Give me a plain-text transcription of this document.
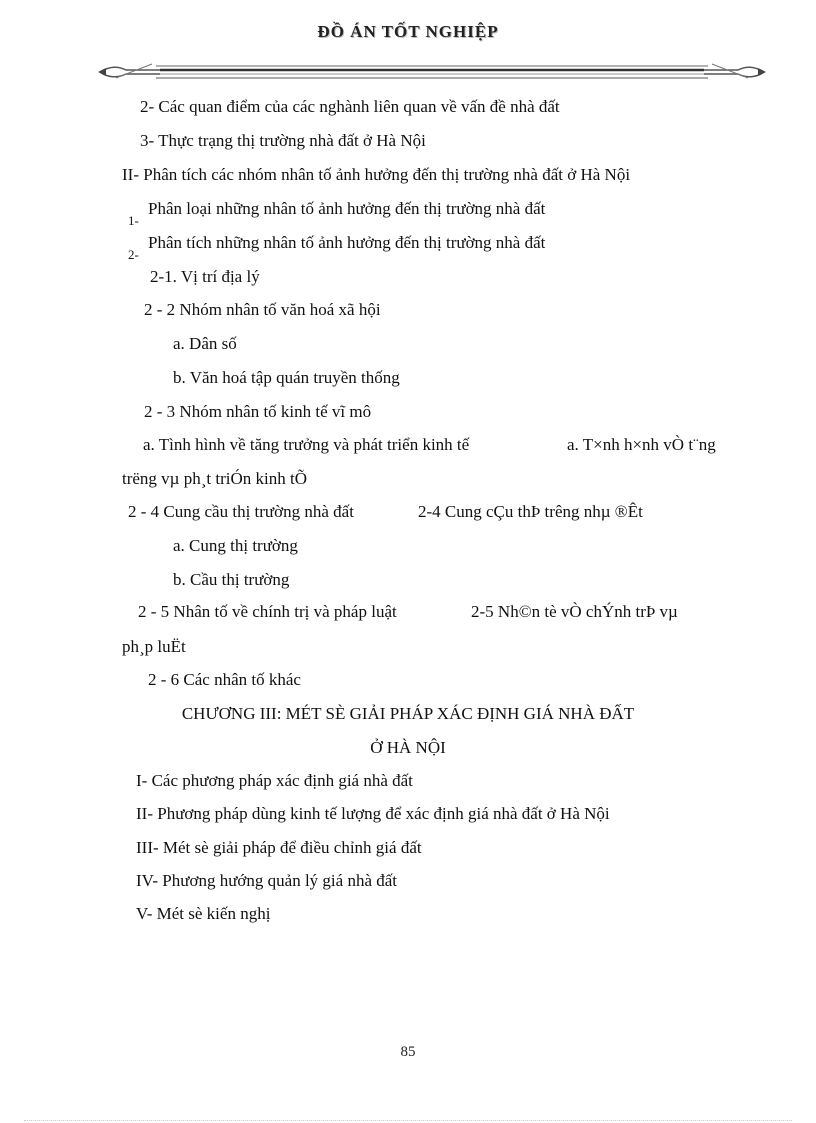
ĐỒ ÁN TỐT NGHIỆP
2- Các quan điểm của các nghành liên quan về vấn đề nhà đất
3- Thực trạng thị trường nhà đất ở Hà Nội
II- Phân tích các nhóm nhân tố ảnh hưởng đến thị trường nhà đất ở Hà Nội
1-
Phân loại những nhân tố ảnh hưởng đến thị trường nhà đất
2-
Phân tích những nhân tố ảnh hưởng đến thị trường nhà đất
2-1. Vị trí địa lý
2 - 2 Nhóm nhân tố văn hoá xã hội
a. Dân số
b. Văn hoá tập quán truyền thống
2 - 3 Nhóm nhân tố kinh tế vĩ mô
a. Tình hình về tăng trưởng và phát triển kinh tế	a. T×nh h×nh vÒ t¨ng
trëng vµ ph¸t triÓn kinh tÕ
2 - 4 Cung cầu thị trường nhà đất	2-4 Cung cÇu thÞ trêng nhµ ®Êt
a. Cung thị trường
b. Cầu thị trường
2 - 5 Nhân tố về chính trị và pháp luật	2-5 Nh©n tè vÒ chÝnh trÞ vµ
ph¸p luËt
2 - 6 Các nhân tố khác
CHƯƠNG III: MÉT SÈ GIẢI PHÁP XÁC ĐỊNH GIÁ NHÀ ĐẤT
Ở HÀ NỘI
I- Các phương pháp xác định giá nhà đất
II- Phương pháp dùng kinh tế lượng để xác định giá nhà đất ở Hà Nội
III- Mét sè giải pháp để điều chỉnh giá đất
IV- Phương hướng quản lý giá nhà đất
V- Mét sè kiến nghị
85
